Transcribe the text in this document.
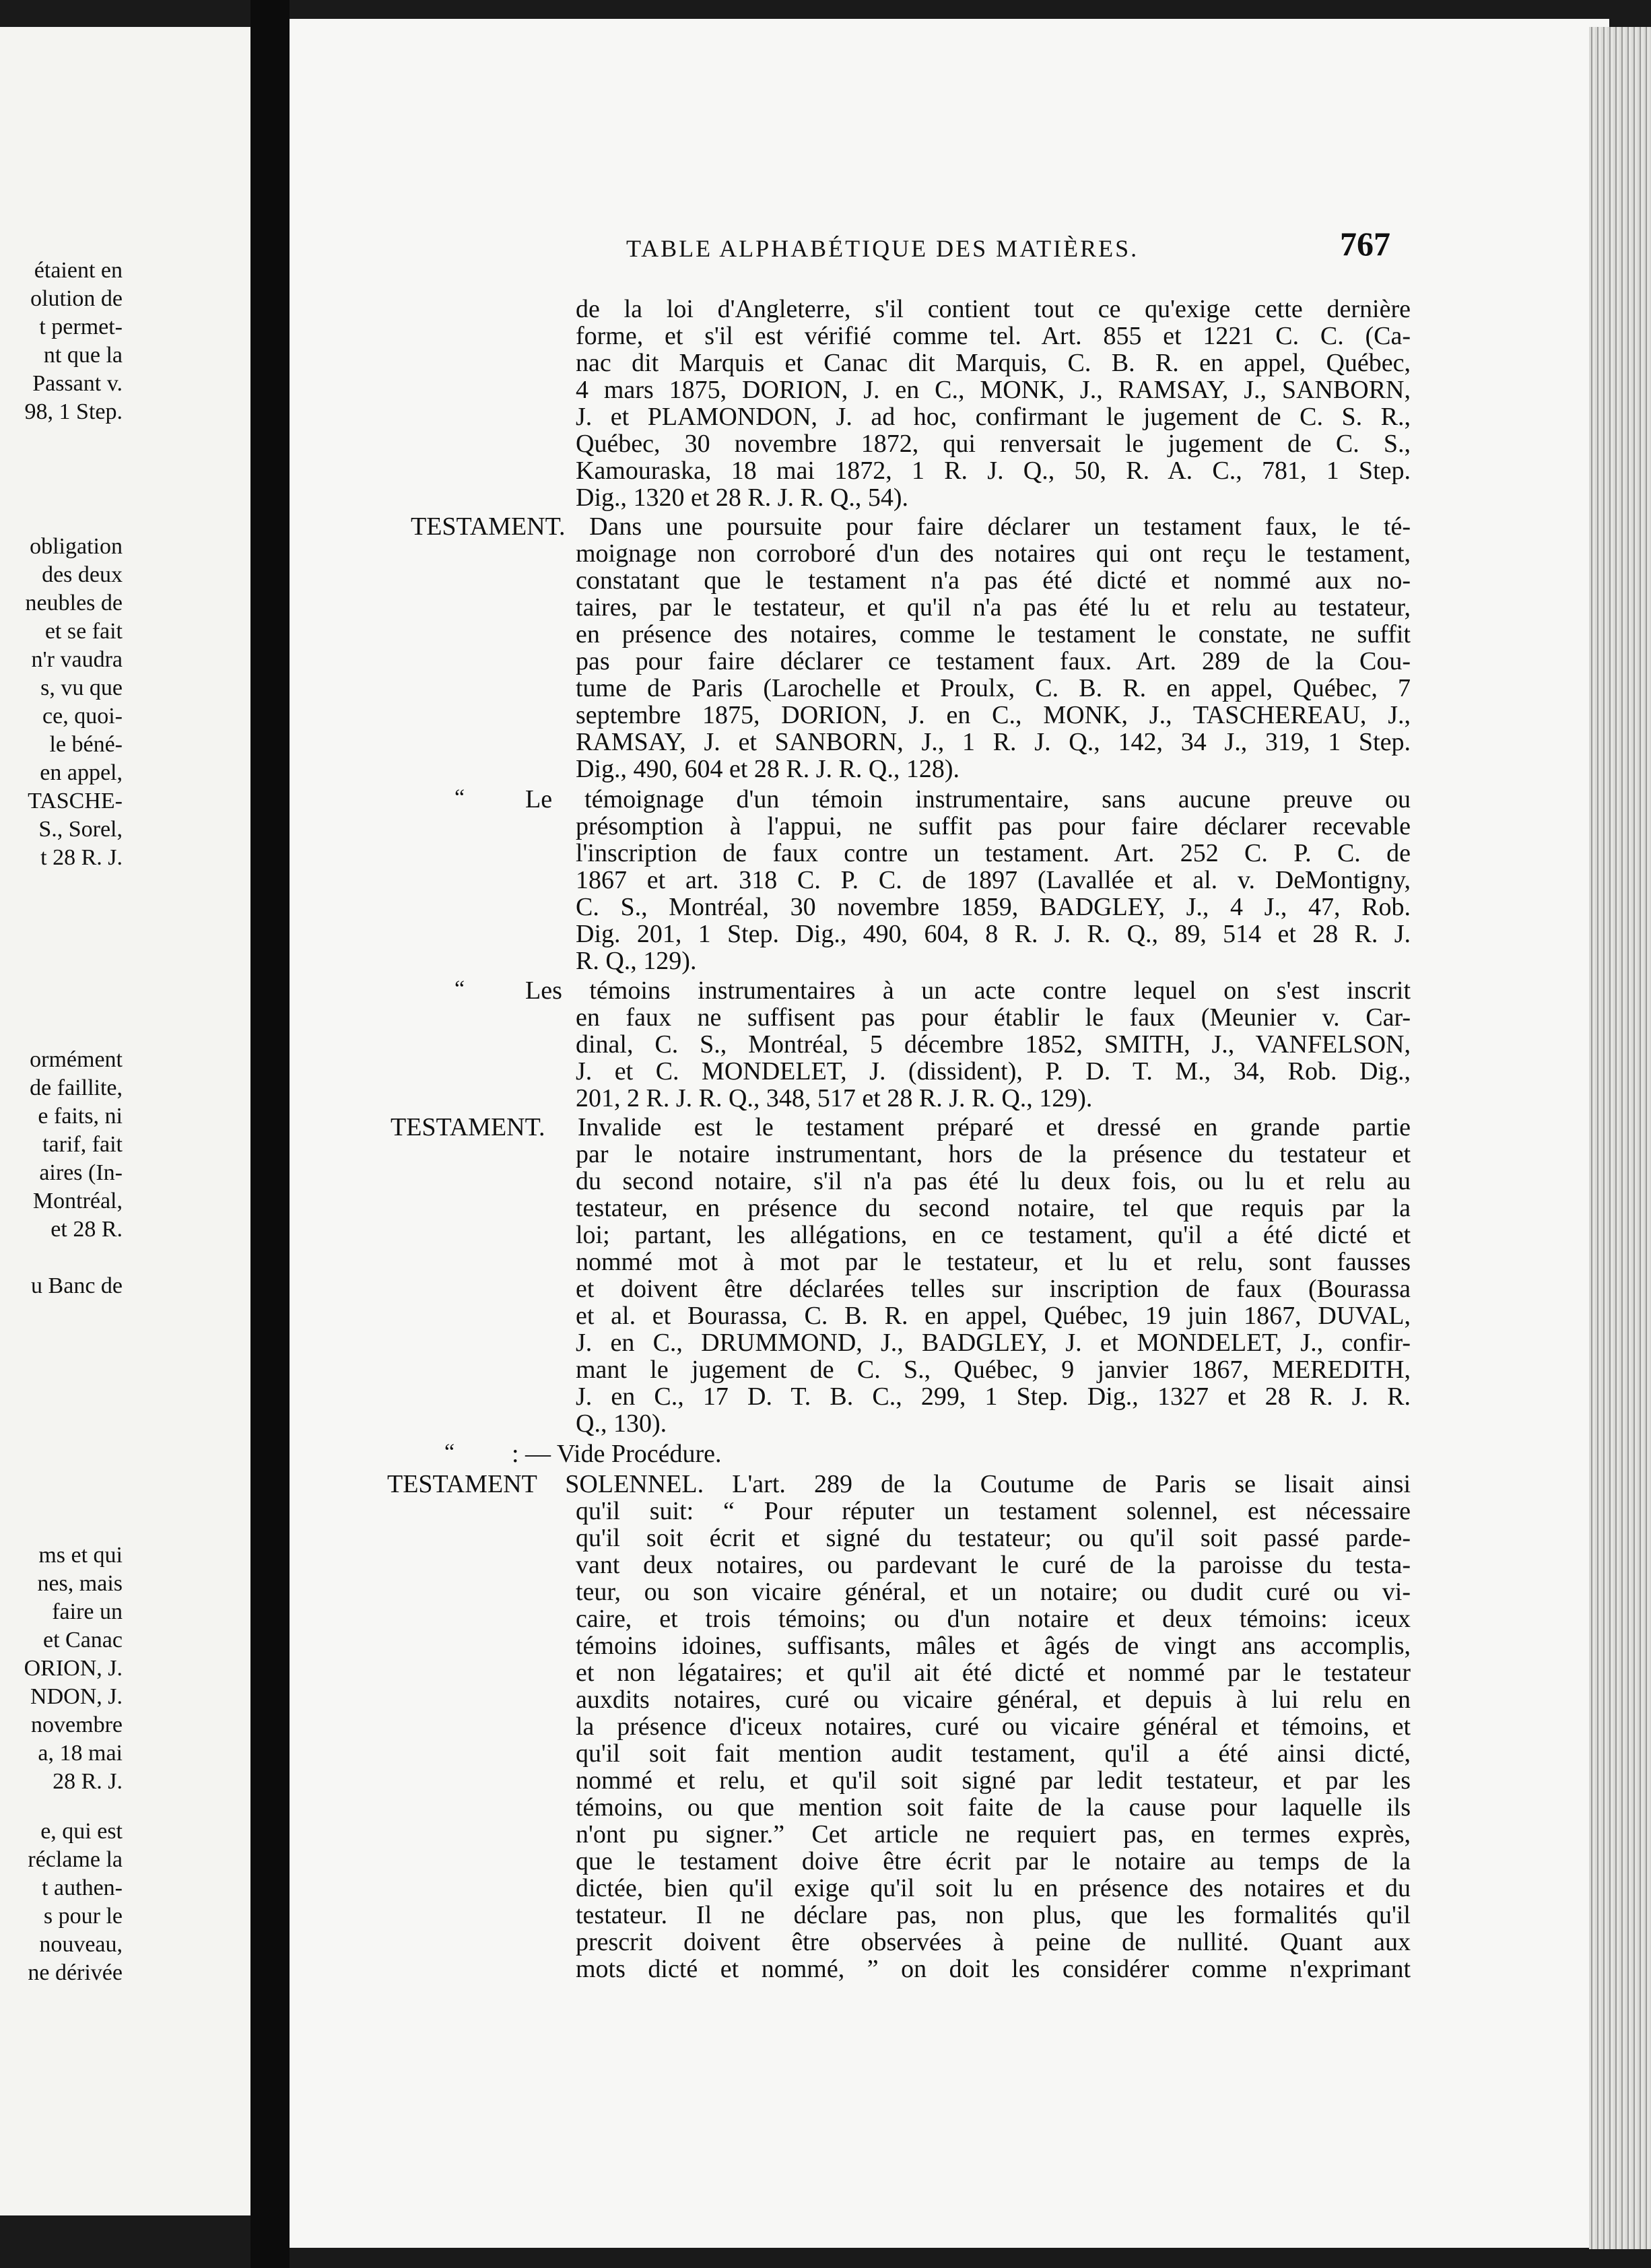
étaient en
olution de
t permet-
nt que la
Passant v.
98, 1 Step.
obligation
des deux
neubles de
et se fait
n'r vaudra
s, vu que
ce, quoi-
le béné-
en appel,
TASCHE-
S., Sorel,
t 28 R. J.
ormément
de faillite,
e faits, ni
tarif, fait
aires (In-
Montréal,
et 28 R.
u Banc de
ms et qui
nes, mais
faire un
et Canac
ORION, J.
NDON, J.
novembre
a, 18 mai
28 R. J.
e, qui est
réclame la
t authen-
s pour le
nouveau,
ne dérivée
TABLE ALPHABÉTIQUE DES MATIÈRES.	767
de la loi d'Angleterre, s'il contient tout ce qu'exige cette dernière
forme, et s'il est vérifié comme tel. Art. 855 et 1221 C. C. (Ca-
nac dit Marquis et Canac dit Marquis, C. B. R. en appel, Québec,
4 mars 1875, DORION, J. en C., MONK, J., RAMSAY, J., SANBORN,
J. et PLAMONDON, J. ad hoc, confirmant le jugement de C. S. R.,
Québec, 30 novembre 1872, qui renversait le jugement de C. S.,
Kamouraska, 18 mai 1872, 1 R. J. Q., 50, R. A. C., 781, 1 Step.
Dig., 1320 et 28 R. J. R. Q., 54).
TESTAMENT. Dans une poursuite pour faire déclarer un testament faux, le té-
moignage non corroboré d'un des notaires qui ont reçu le testament,
constatant que le testament n'a pas été dicté et nommé aux no-
taires, par le testateur, et qu'il n'a pas été lu et relu au testateur,
en présence des notaires, comme le testament le constate, ne suffit
pas pour faire déclarer ce testament faux. Art. 289 de la Cou-
tume de Paris (Larochelle et Proulx, C. B. R. en appel, Québec, 7
septembre 1875, DORION, J. en C., MONK, J., TASCHEREAU, J.,
RAMSAY, J. et SANBORN, J., 1 R. J. Q., 142, 34 J., 319, 1 Step.
Dig., 490, 604 et 28 R. J. R. Q., 128).
“ Le témoignage d'un témoin instrumentaire, sans aucune preuve ou
présomption à l'appui, ne suffit pas pour faire déclarer recevable
l'inscription de faux contre un testament. Art. 252 C. P. C. de
1867 et art. 318 C. P. C. de 1897 (Lavallée et al. v. DeMontigny,
C. S., Montréal, 30 novembre 1859, BADGLEY, J., 4 J., 47, Rob.
Dig. 201, 1 Step. Dig., 490, 604, 8 R. J. R. Q., 89, 514 et 28 R. J.
R. Q., 129).
“ Les témoins instrumentaires à un acte contre lequel on s'est inscrit
en faux ne suffisent pas pour établir le faux (Meunier v. Car-
dinal, C. S., Montréal, 5 décembre 1852, SMITH, J., VANFELSON,
J. et C. MONDELET, J. (dissident), P. D. T. M., 34, Rob. Dig.,
201, 2 R. J. R. Q., 348, 517 et 28 R. J. R. Q., 129).
TESTAMENT. Invalide est le testament préparé et dressé en grande partie
par le notaire instrumentant, hors de la présence du testateur et
du second notaire, s'il n'a pas été lu deux fois, ou lu et relu au
testateur, en présence du second notaire, tel que requis par la
loi; partant, les allégations, en ce testament, qu'il a été dicté et
nommé mot à mot par le testateur, et lu et relu, sont fausses
et doivent être déclarées telles sur inscription de faux (Bourassa
et al. et Bourassa, C. B. R. en appel, Québec, 19 juin 1867, DUVAL,
J. en C., DRUMMOND, J., BADGLEY, J. et MONDELET, J., confir-
mant le jugement de C. S., Québec, 9 janvier 1867, MEREDITH,
J. en C., 17 D. T. B. C., 299, 1 Step. Dig., 1327 et 28 R. J. R.
Q., 130).
“ : — Vide Procédure.
TESTAMENT SOLENNEL. L'art. 289 de la Coutume de Paris se lisait ainsi
qu'il suit: “ Pour réputer un testament solennel, est nécessaire
qu'il soit écrit et signé du testateur; ou qu'il soit passé parde-
vant deux notaires, ou pardevant le curé de la paroisse du testa-
teur, ou son vicaire général, et un notaire; ou dudit curé ou vi-
caire, et trois témoins; ou d'un notaire et deux témoins: iceux
témoins idoines, suffisants, mâles et âgés de vingt ans accomplis,
et non légataires; et qu'il ait été dicté et nommé par le testateur
auxdits notaires, curé ou vicaire général, et depuis à lui relu en
la présence d'iceux notaires, curé ou vicaire général et témoins, et
qu'il soit fait mention audit testament, qu'il a été ainsi dicté,
nommé et relu, et qu'il soit signé par ledit testateur, et par les
témoins, ou que mention soit faite de la cause pour laquelle ils
n'ont pu signer.” Cet article ne requiert pas, en termes exprès,
que le testament doive être écrit par le notaire au temps de la
dictée, bien qu'il exige qu'il soit lu en présence des notaires et du
testateur. Il ne déclare pas, non plus, que les formalités qu'il
prescrit doivent être observées à peine de nullité. Quant aux
mots dicté et nommé, ” on doit les considérer comme n'exprimant
